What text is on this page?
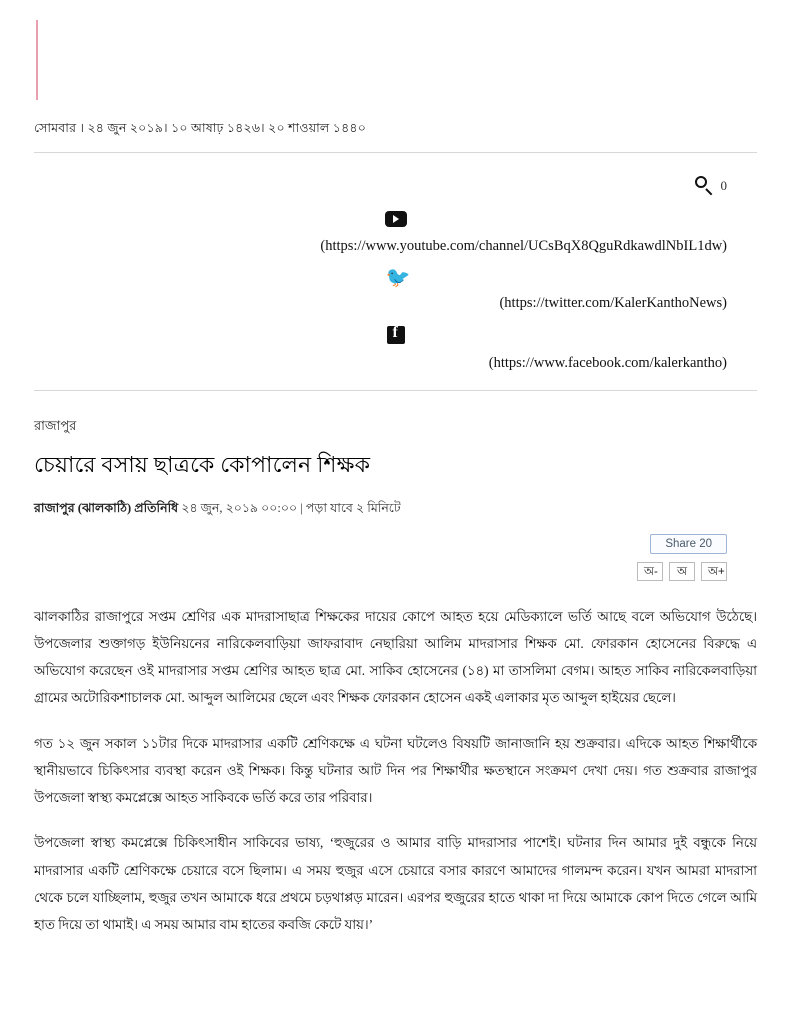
সোমবার । ২৪ জুন ২০১৯। ১০ আষাঢ় ১৪২৬। ২০ শাওয়াল ১৪৪০
0
(https://www.youtube.com/channel/UCsBqX8QguRdkawdlNbIL1dw)
🐦
(https://twitter.com/KalerKanthoNews)
f
(https://www.facebook.com/kalerkantho)
রাজাপুর
চেয়ারে বসায় ছাত্রকে কোপালেন শিক্ষক
রাজাপুর (ঝালকাঠি) প্রতিনিধি ২৪ জুন, ২০১৯ ০০:০০ | পড়া যাবে ২ মিনিটে
Share 20
অ-	অ	অ+

ঝালকাঠির রাজাপুরে সপ্তম শ্রেণির এক মাদরাসাছাত্র শিক্ষকের দায়ের কোপে আহত হয়ে মেডিক্যালে ভর্তি আছে বলে অভিযোগ উঠেছে। উপজেলার শুক্তাগড় ইউনিয়নের নারিকেলবাড়িয়া জাফরাবাদ নেছারিয়া আলিম মাদরাসার শিক্ষক মো. ফোরকান হোসেনের বিরুদ্ধে এ অভিযোগ করেছেন ওই মাদরাসার সপ্তম শ্রেণির আহত ছাত্র মো. সাকিব হোসেনের (১৪) মা তাসলিমা বেগম। আহত সাকিব নারিকেলবাড়িয়া গ্রামের অটোরিকশাচালক মো. আব্দুল আলিমের ছেলে এবং শিক্ষক ফোরকান হোসেন একই এলাকার মৃত আব্দুল হাইয়ের ছেলে।

গত ১২ জুন সকাল ১১টার দিকে মাদরাসার একটি শ্রেণিকক্ষে এ ঘটনা ঘটলেও বিষয়টি জানাজানি হয় শুক্রবার। এদিকে আহত শিক্ষার্থীকে স্থানীয়ভাবে চিকিৎসার ব্যবস্থা করেন ওই শিক্ষক। কিন্তু ঘটনার আট দিন পর শিক্ষার্থীর ক্ষতস্থানে সংক্রমণ দেখা দেয়। গত শুক্রবার রাজাপুর উপজেলা স্বাস্থ্য কমপ্লেক্সে আহত সাকিবকে ভর্তি করে তার পরিবার।

উপজেলা স্বাস্থ্য কমপ্লেক্সে চিকিৎসাধীন সাকিবের ভাষ্য, ‘হুজুরের ও আমার বাড়ি মাদরাসার পাশেই। ঘটনার দিন আমার দুই বন্ধুকে নিয়ে মাদরাসার একটি শ্রেণিকক্ষে চেয়ারে বসে ছিলাম। এ সময় হুজুর এসে চেয়ারে বসার কারণে আমাদের গালমন্দ করেন। যখন আমরা মাদরাসা থেকে চলে যাচ্ছিলাম, হুজুর তখন আমাকে ধরে প্রথমে চড়থাপ্পড় মারেন। এরপর হুজুরের হাতে থাকা দা দিয়ে আমাকে কোপ দিতে গেলে আমি হাত দিয়ে তা থামাই। এ সময় আমার বাম হাতের কবজি কেটে যায়।’
